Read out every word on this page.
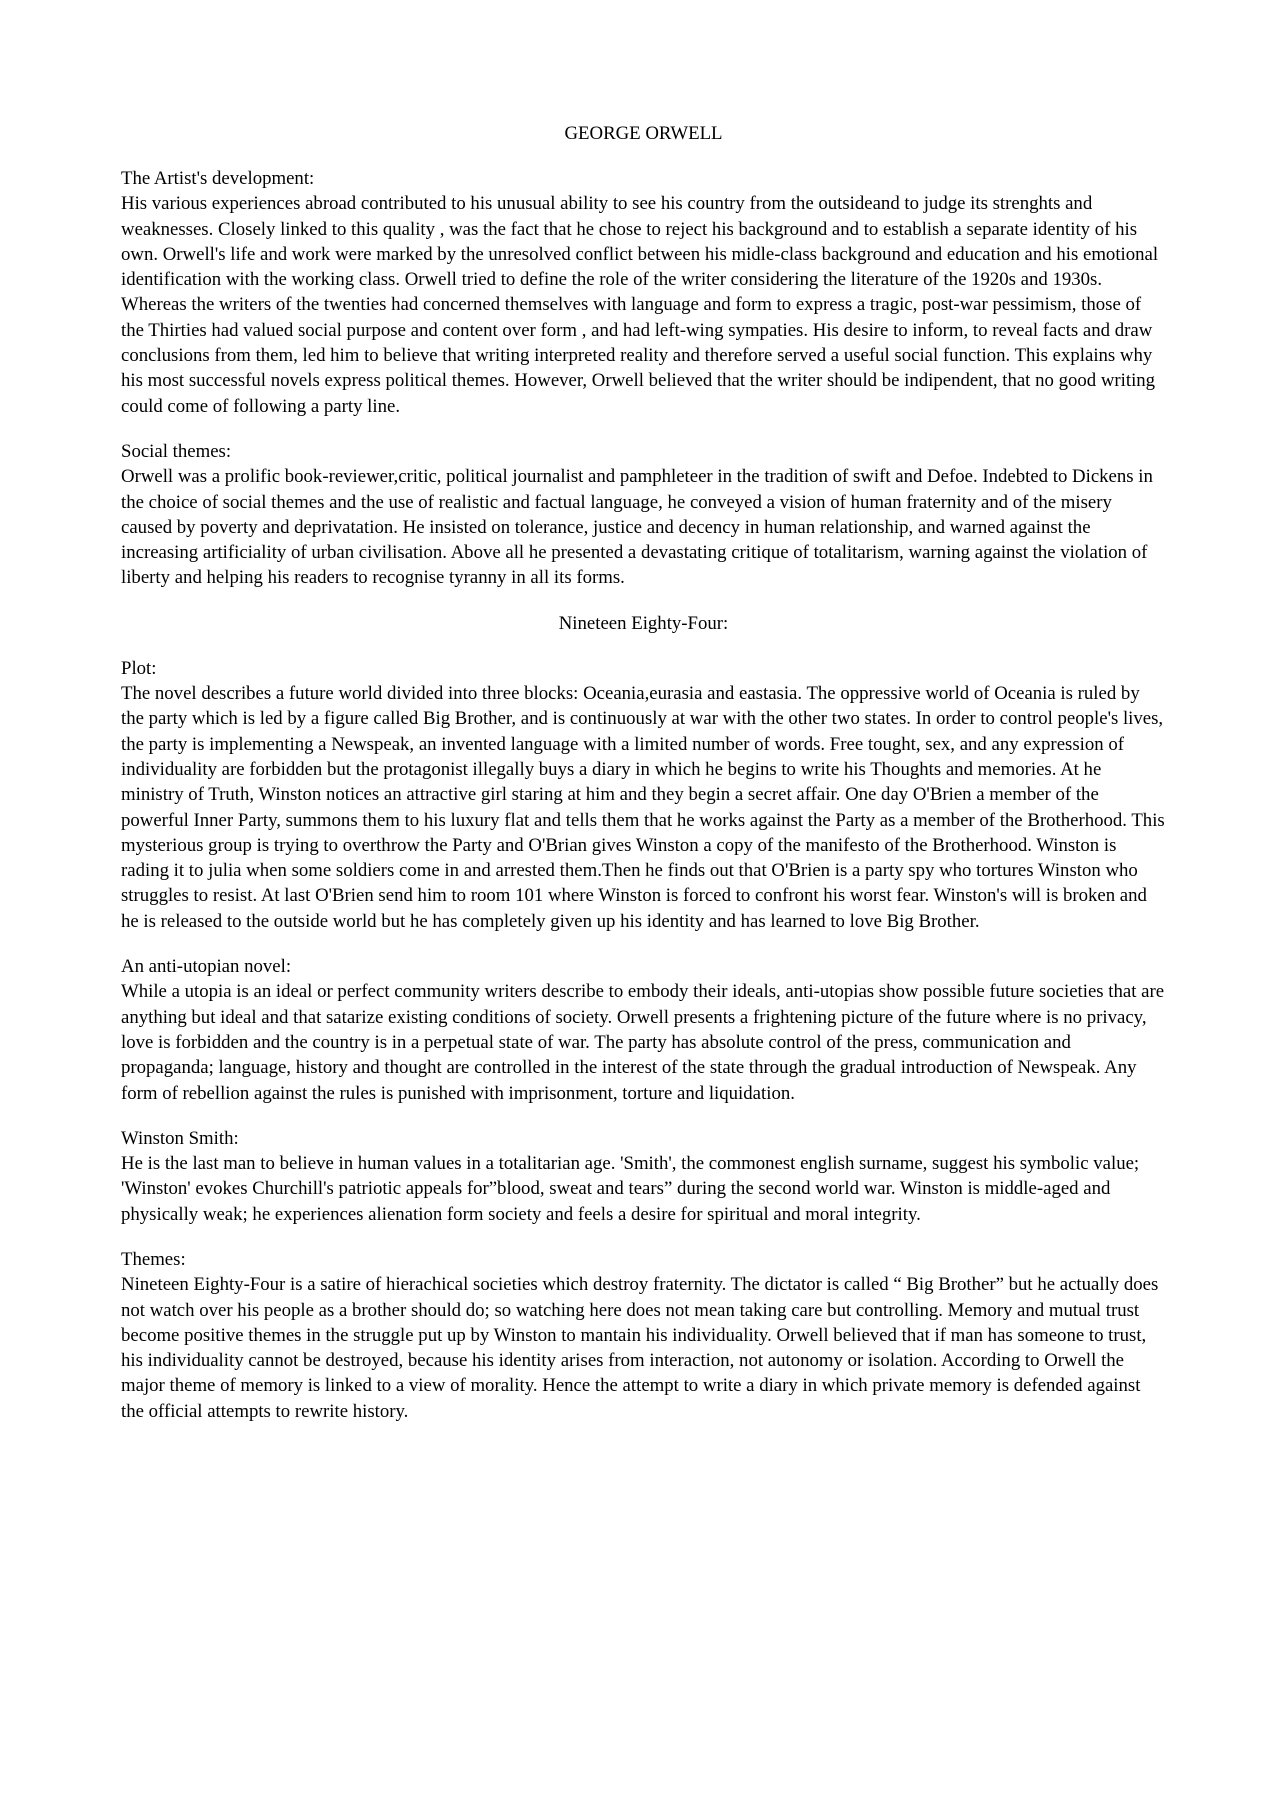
GEORGE ORWELL
The Artist's development:
His various experiences abroad contributed to his unusual ability to see his country from the outsideand to judge its strenghts and weaknesses. Closely linked to this quality , was the fact that he chose to reject his background and to establish a separate identity of his own. Orwell's life and work were marked by the unresolved conflict between his midle-class background and education and his emotional identification with the working class. Orwell tried to define the role of the writer considering the literature of the 1920s and 1930s. Whereas the writers of the twenties had concerned themselves with language and form to express a tragic, post-war pessimism, those of the Thirties had valued social purpose and content over form , and had left-wing sympaties. His desire to inform, to reveal facts and draw conclusions from them, led him to believe that writing interpreted reality and therefore served a useful social function. This explains why his most successful novels express political themes. However, Orwell believed that the writer should be indipendent, that no good writing could come of following a party line.
Social themes:
Orwell was a prolific book-reviewer,critic, political journalist and pamphleteer in the tradition of swift and Defoe. Indebted to Dickens in the choice of social themes and the use of realistic and factual language, he conveyed a vision of human fraternity and of the misery caused by poverty and deprivatation. He insisted on tolerance, justice and decency in human relationship, and warned against the increasing artificiality of urban civilisation. Above all he presented a devastating critique of totalitarism, warning against the violation of liberty and helping his readers to recognise tyranny in all its forms.
Nineteen Eighty-Four:
Plot:
The novel describes a future world divided into three blocks: Oceania,eurasia and eastasia. The oppressive world of Oceania is ruled by the party which is led by a figure called Big Brother, and is continuously at war with the other two states. In order to control people's lives, the party is implementing a Newspeak, an invented language with a limited number of words. Free tought, sex, and any expression of individuality are forbidden but the protagonist illegally buys a diary in which he begins to write his Thoughts and memories. At he ministry of Truth, Winston notices an attractive girl staring at him and they begin a secret affair. One day O'Brien a member of the powerful Inner Party, summons them to his luxury flat and tells them that he works against the Party as a member of the Brotherhood. This mysterious group is trying to overthrow the Party and O'Brian gives Winston a copy of the manifesto of the Brotherhood. Winston is rading it to julia when some soldiers come in and arrested them.Then he finds out that O'Brien is a party spy who tortures Winston who struggles to resist. At last O'Brien send him to room 101 where Winston is forced to confront his worst fear. Winston's will is broken and he is released to the outside world but he has completely given up his identity and has learned to love Big Brother.
An anti-utopian novel:
While a utopia is an ideal or perfect community writers describe to embody their ideals, anti-utopias show possible future societies that are anything but ideal and that satarize existing conditions of society. Orwell presents a frightening picture of the future where is no privacy, love is forbidden and the country is in a perpetual state of war. The party has absolute control of the press, communication and propaganda; language, history and thought are controlled in the interest of the state through the gradual introduction of Newspeak. Any form of rebellion against the rules is punished with imprisonment, torture and liquidation.
Winston Smith:
He is the last man to believe in human values in a totalitarian age. 'Smith', the commonest english surname, suggest his symbolic value; 'Winston' evokes Churchill's patriotic appeals for”blood, sweat and tears” during the second world war. Winston is middle-aged and physically weak; he experiences alienation form society and feels a desire for spiritual and moral integrity.
Themes:
Nineteen Eighty-Four is a satire of hierachical societies which destroy fraternity. The dictator is called “ Big Brother” but he actually does not watch over his people as a brother should do; so watching here does not mean taking care but controlling. Memory and mutual trust become positive themes in the struggle put up by Winston to mantain his individuality. Orwell believed that if man has someone to trust, his individuality cannot be destroyed, because his identity arises from interaction, not autonomy or isolation. According to Orwell the major theme of memory is linked to a view of morality. Hence the attempt to write a diary in which private memory is defended against the official attempts to rewrite history.
